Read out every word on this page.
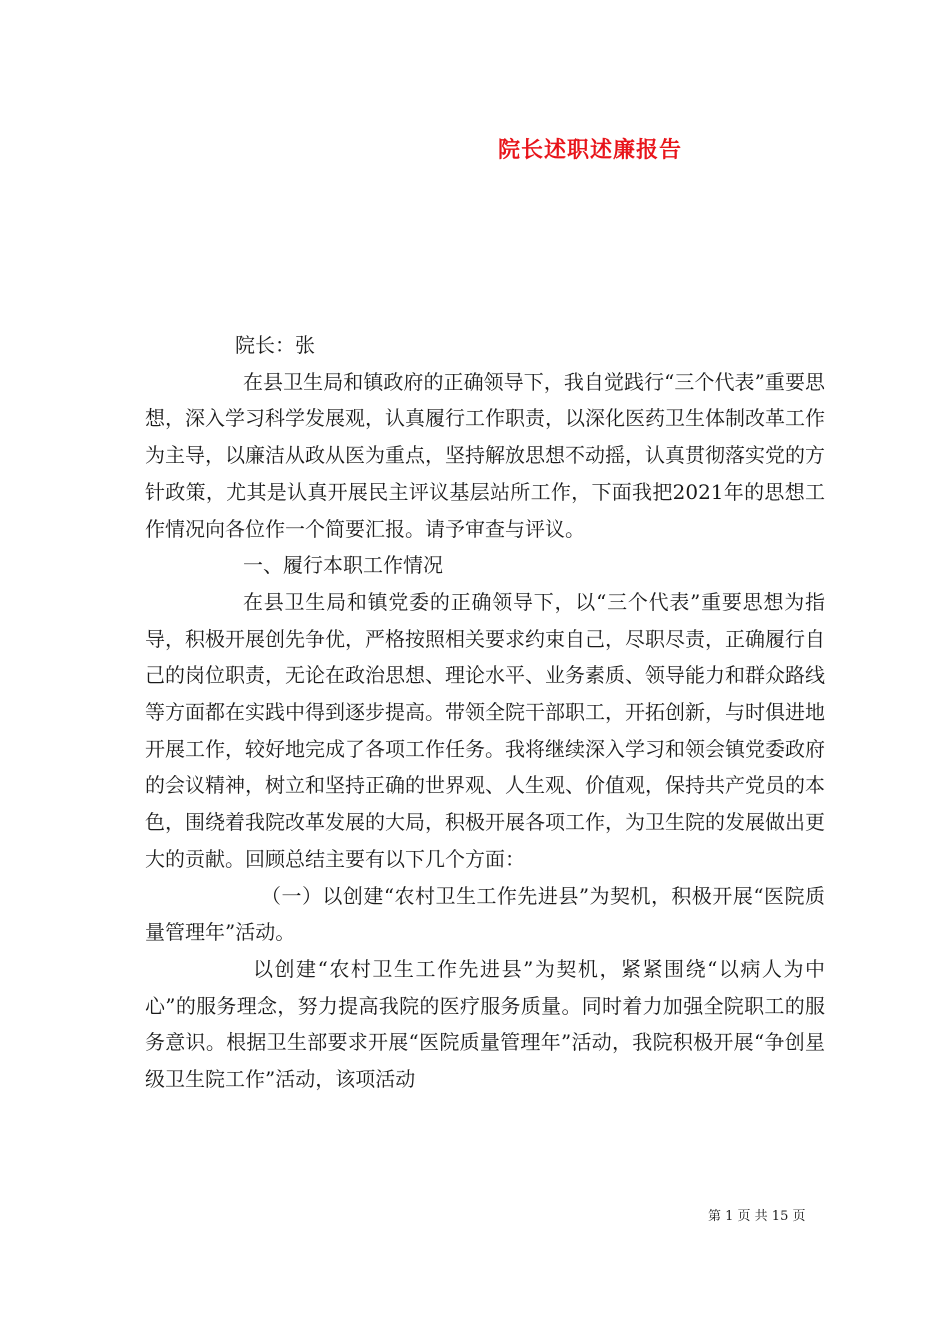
院长述职述廉报告

院长：张

在县卫生局和镇政府的正确领导下，我自觉践行“三个代表”重要思想，深入学习科学发展观，认真履行工作职责，以深化医药卫生体制改革工作为主导，以廉洁从政从医为重点，坚持解放思想不动摇，认真贯彻落实党的方针政策，尤其是认真开展民主评议基层站所工作，下面我把2021年的思想工作情况向各位作一个简要汇报。请予审查与评议。

一、履行本职工作情况

在县卫生局和镇党委的正确领导下，以“三个代表”重要思想为指导，积极开展创先争优，严格按照相关要求约束自己，尽职尽责，正确履行自己的岗位职责，无论在政治思想、理论水平、业务素质、领导能力和群众路线等方面都在实践中得到逐步提高。带领全院干部职工，开拓创新，与时俱进地开展工作，较好地完成了各项工作任务。我将继续深入学习和领会镇党委政府的会议精神，树立和坚持正确的世界观、人生观、价值观，保持共产党员的本色，围绕着我院改革发展的大局，积极开展各项工作，为卫生院的发展做出更大的贡献。回顾总结主要有以下几个方面：

（一）以创建“农村卫生工作先进县”为契机，积极开展“医院质量管理年”活动。

以创建“农村卫生工作先进县”为契机，紧紧围绕“以病人为中心”的服务理念，努力提高我院的医疗服务质量。同时着力加强全院职工的服务意识。根据卫生部要求开展“医院质量管理年”活动，我院积极开展“争创星级卫生院工作”活动，该项活动

第 1 页 共 15 页
